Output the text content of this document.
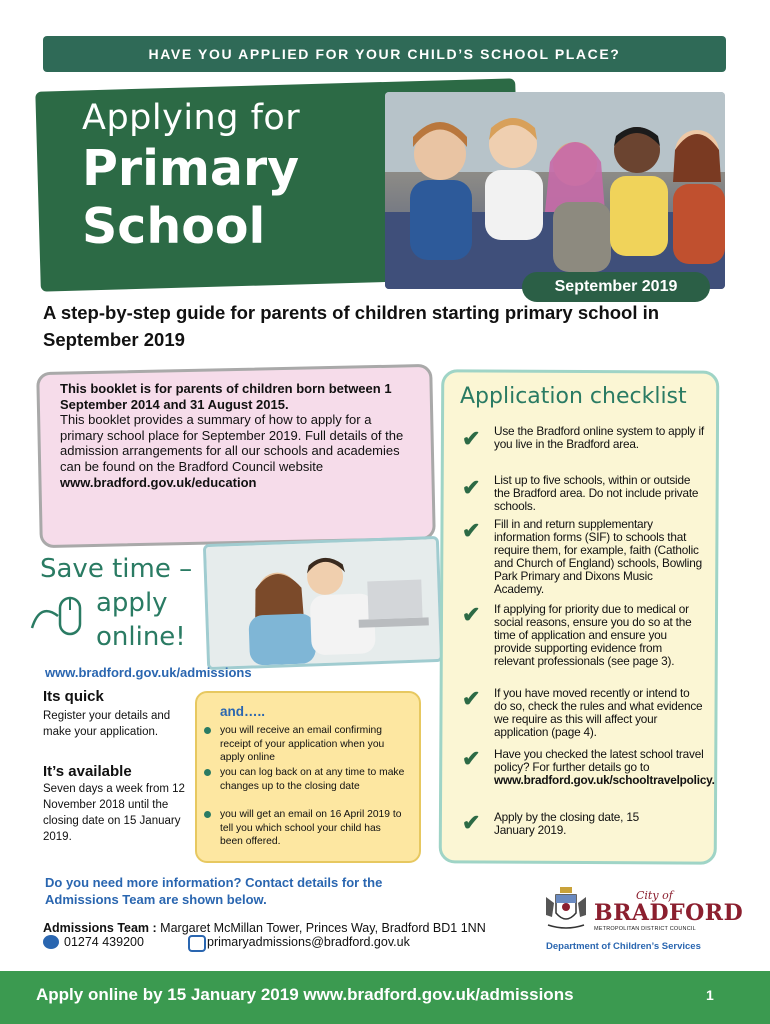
HAVE YOU APPLIED FOR YOUR CHILD’S SCHOOL PLACE?
Applying for
Primary
School
September 2019
A step-by-step guide for parents of children starting primary school in September 2019
This booklet is for parents of children born between 1 September 2014 and 31 August 2015.
This booklet provides a summary of how to apply for a primary school place for September 2019. Full details of the admission arrangements for all our schools and academies can be found on the Bradford Council website www.bradford.gov.uk/education
Save time –
apply
online!
www.bradford.gov.uk/admissions
Its quick
Register your details and make your application.
It’s available
Seven days a week from 12 November 2018 until the closing date on 15 January 2019.
and…..
you will receive an email confirming receipt of your application when you apply online
you can log back on at any time to make changes up to the closing date
you will get an email on 16 April 2019 to tell you which school your child has been offered.
Application checklist
✔ Use the Bradford online system to apply if you live in the Bradford area.
✔ List up to five schools, within or outside the Bradford area. Do not include private schools.
✔ Fill in and return supplementary information forms (SIF) to schools that require them, for example, faith (Catholic and Church of England) schools, Bowling Park Primary and Dixons Music Academy.
✔ If applying for priority due to medical or social reasons, ensure you do so at the time of application and ensure you provide supporting evidence from relevant professionals (see page 3).
✔ If you have moved recently or intend to do so, check the rules and what evidence we require as this will affect your application (page 4).
✔ Have you checked the latest school travel policy? For further details go to www.bradford.gov.uk/schooltravelpolicy.
✔ Apply by the closing date, 15 January 2019.
Do you need more information? Contact details for the Admissions Team are shown below.
Admissions Team : Margaret McMillan Tower, Princes Way, Bradford BD1 1NN
01274 439200	primaryadmissions@bradford.gov.uk
City of
BRADFORD
METROPOLITAN DISTRICT COUNCIL
Department of Children’s Services
Apply online by 15 January 2019 www.bradford.gov.uk/admissions	1
